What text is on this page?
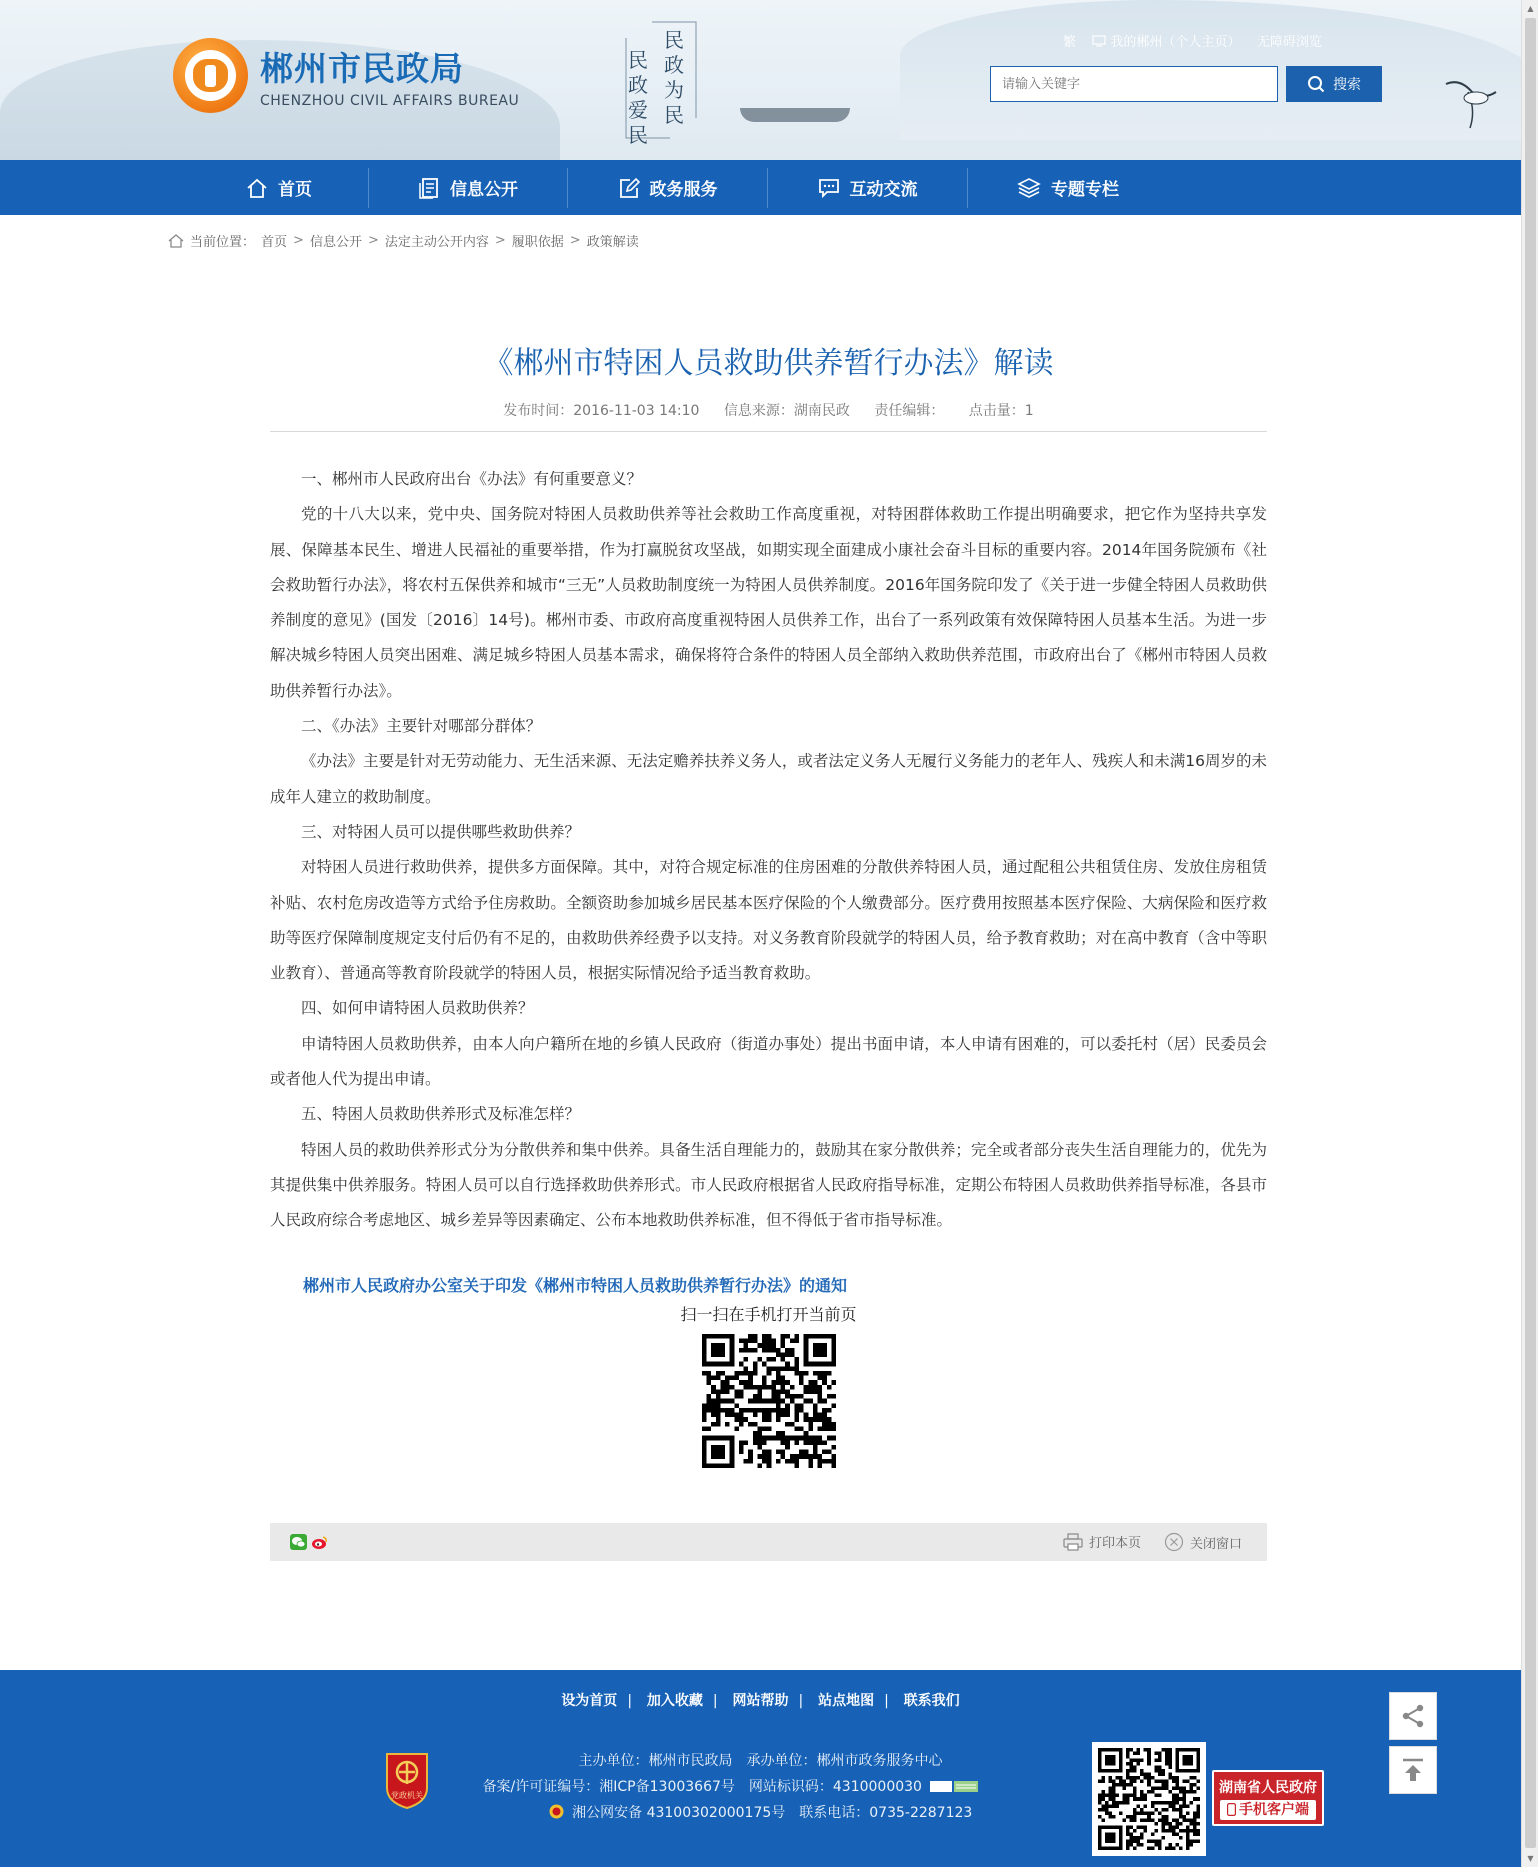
郴州市民政局
CHENZHOU CIVIL AFFAIRS BUREAU
民政为民
民政爱民
繁 | 我的郴州（个人主页） | 无障碍浏览
请输入关键字
搜索
首页	信息公开	政务服务	互动交流	专题专栏
当前位置： 首页 > 信息公开 > 法定主动公开内容 > 履职依据 > 政策解读
《郴州市特困人员救助供养暂行办法》解读
发布时间：2016-11-03 14:10 信息来源：湖南民政 责任编辑： 点击量：1

一、郴州市人民政府出台《办法》有何重要意义？

党的十八大以来，党中央、国务院对特困人员救助供养等社会救助工作高度重视，对特困群体救助工作提出明确要求，把它作为坚持共享发展、保障基本民生、增进人民福祉的重要举措，作为打赢脱贫攻坚战，如期实现全面建成小康社会奋斗目标的重要内容。2014年国务院颁布《社会救助暂行办法》，将农村五保供养和城市“三无”人员救助制度统一为特困人员供养制度。2016年国务院印发了《关于进一步健全特困人员救助供养制度的意见》(国发〔2016〕14号)。郴州市委、市政府高度重视特困人员供养工作，出台了一系列政策有效保障特困人员基本生活。为进一步解决城乡特困人员突出困难、满足城乡特困人员基本需求，确保将符合条件的特困人员全部纳入救助供养范围，市政府出台了《郴州市特困人员救助供养暂行办法》。

二、《办法》主要针对哪部分群体？

《办法》主要是针对无劳动能力、无生活来源、无法定赡养扶养义务人，或者法定义务人无履行义务能力的老年人、残疾人和未满16周岁的未成年人建立的救助制度。

三、对特困人员可以提供哪些救助供养？

对特困人员进行救助供养，提供多方面保障。其中，对符合规定标准的住房困难的分散供养特困人员，通过配租公共租赁住房、发放住房租赁补贴、农村危房改造等方式给予住房救助。全额资助参加城乡居民基本医疗保险的个人缴费部分。医疗费用按照基本医疗保险、大病保险和医疗救助等医疗保障制度规定支付后仍有不足的，由救助供养经费予以支持。对义务教育阶段就学的特困人员，给予教育救助；对在高中教育（含中等职业教育）、普通高等教育阶段就学的特困人员，根据实际情况给予适当教育救助。

四、如何申请特困人员救助供养？

申请特困人员救助供养，由本人向户籍所在地的乡镇人民政府（街道办事处）提出书面申请，本人申请有困难的，可以委托村（居）民委员会或者他人代为提出申请。

五、特困人员救助供养形式及标准怎样？

特困人员的救助供养形式分为分散供养和集中供养。具备生活自理能力的，鼓励其在家分散供养；完全或者部分丧失生活自理能力的，优先为其提供集中供养服务。特困人员可以自行选择救助供养形式。市人民政府根据省人民政府指导标准，定期公布特困人员救助供养指导标准，各县市人民政府综合考虑地区、城乡差异等因素确定、公布本地救助供养标准，但不得低于省市指导标准。

郴州市人民政府办公室关于印发《郴州市特困人员救助供养暂行办法》的通知
扫一扫在手机打开当前页
打印本页	关闭窗口
设为首页 | 加入收藏 | 网站帮助 | 站点地图 | 联系我们
党政机关
主办单位：郴州市民政局　承办单位：郴州市政务服务中心
备案/许可证编号：湘ICP备13003667号　网站标识码：4310000030
湘公网安备 43100302000175号　联系电话：0735-2287123
湖南省人民政府
手机客户端
▲
▼
